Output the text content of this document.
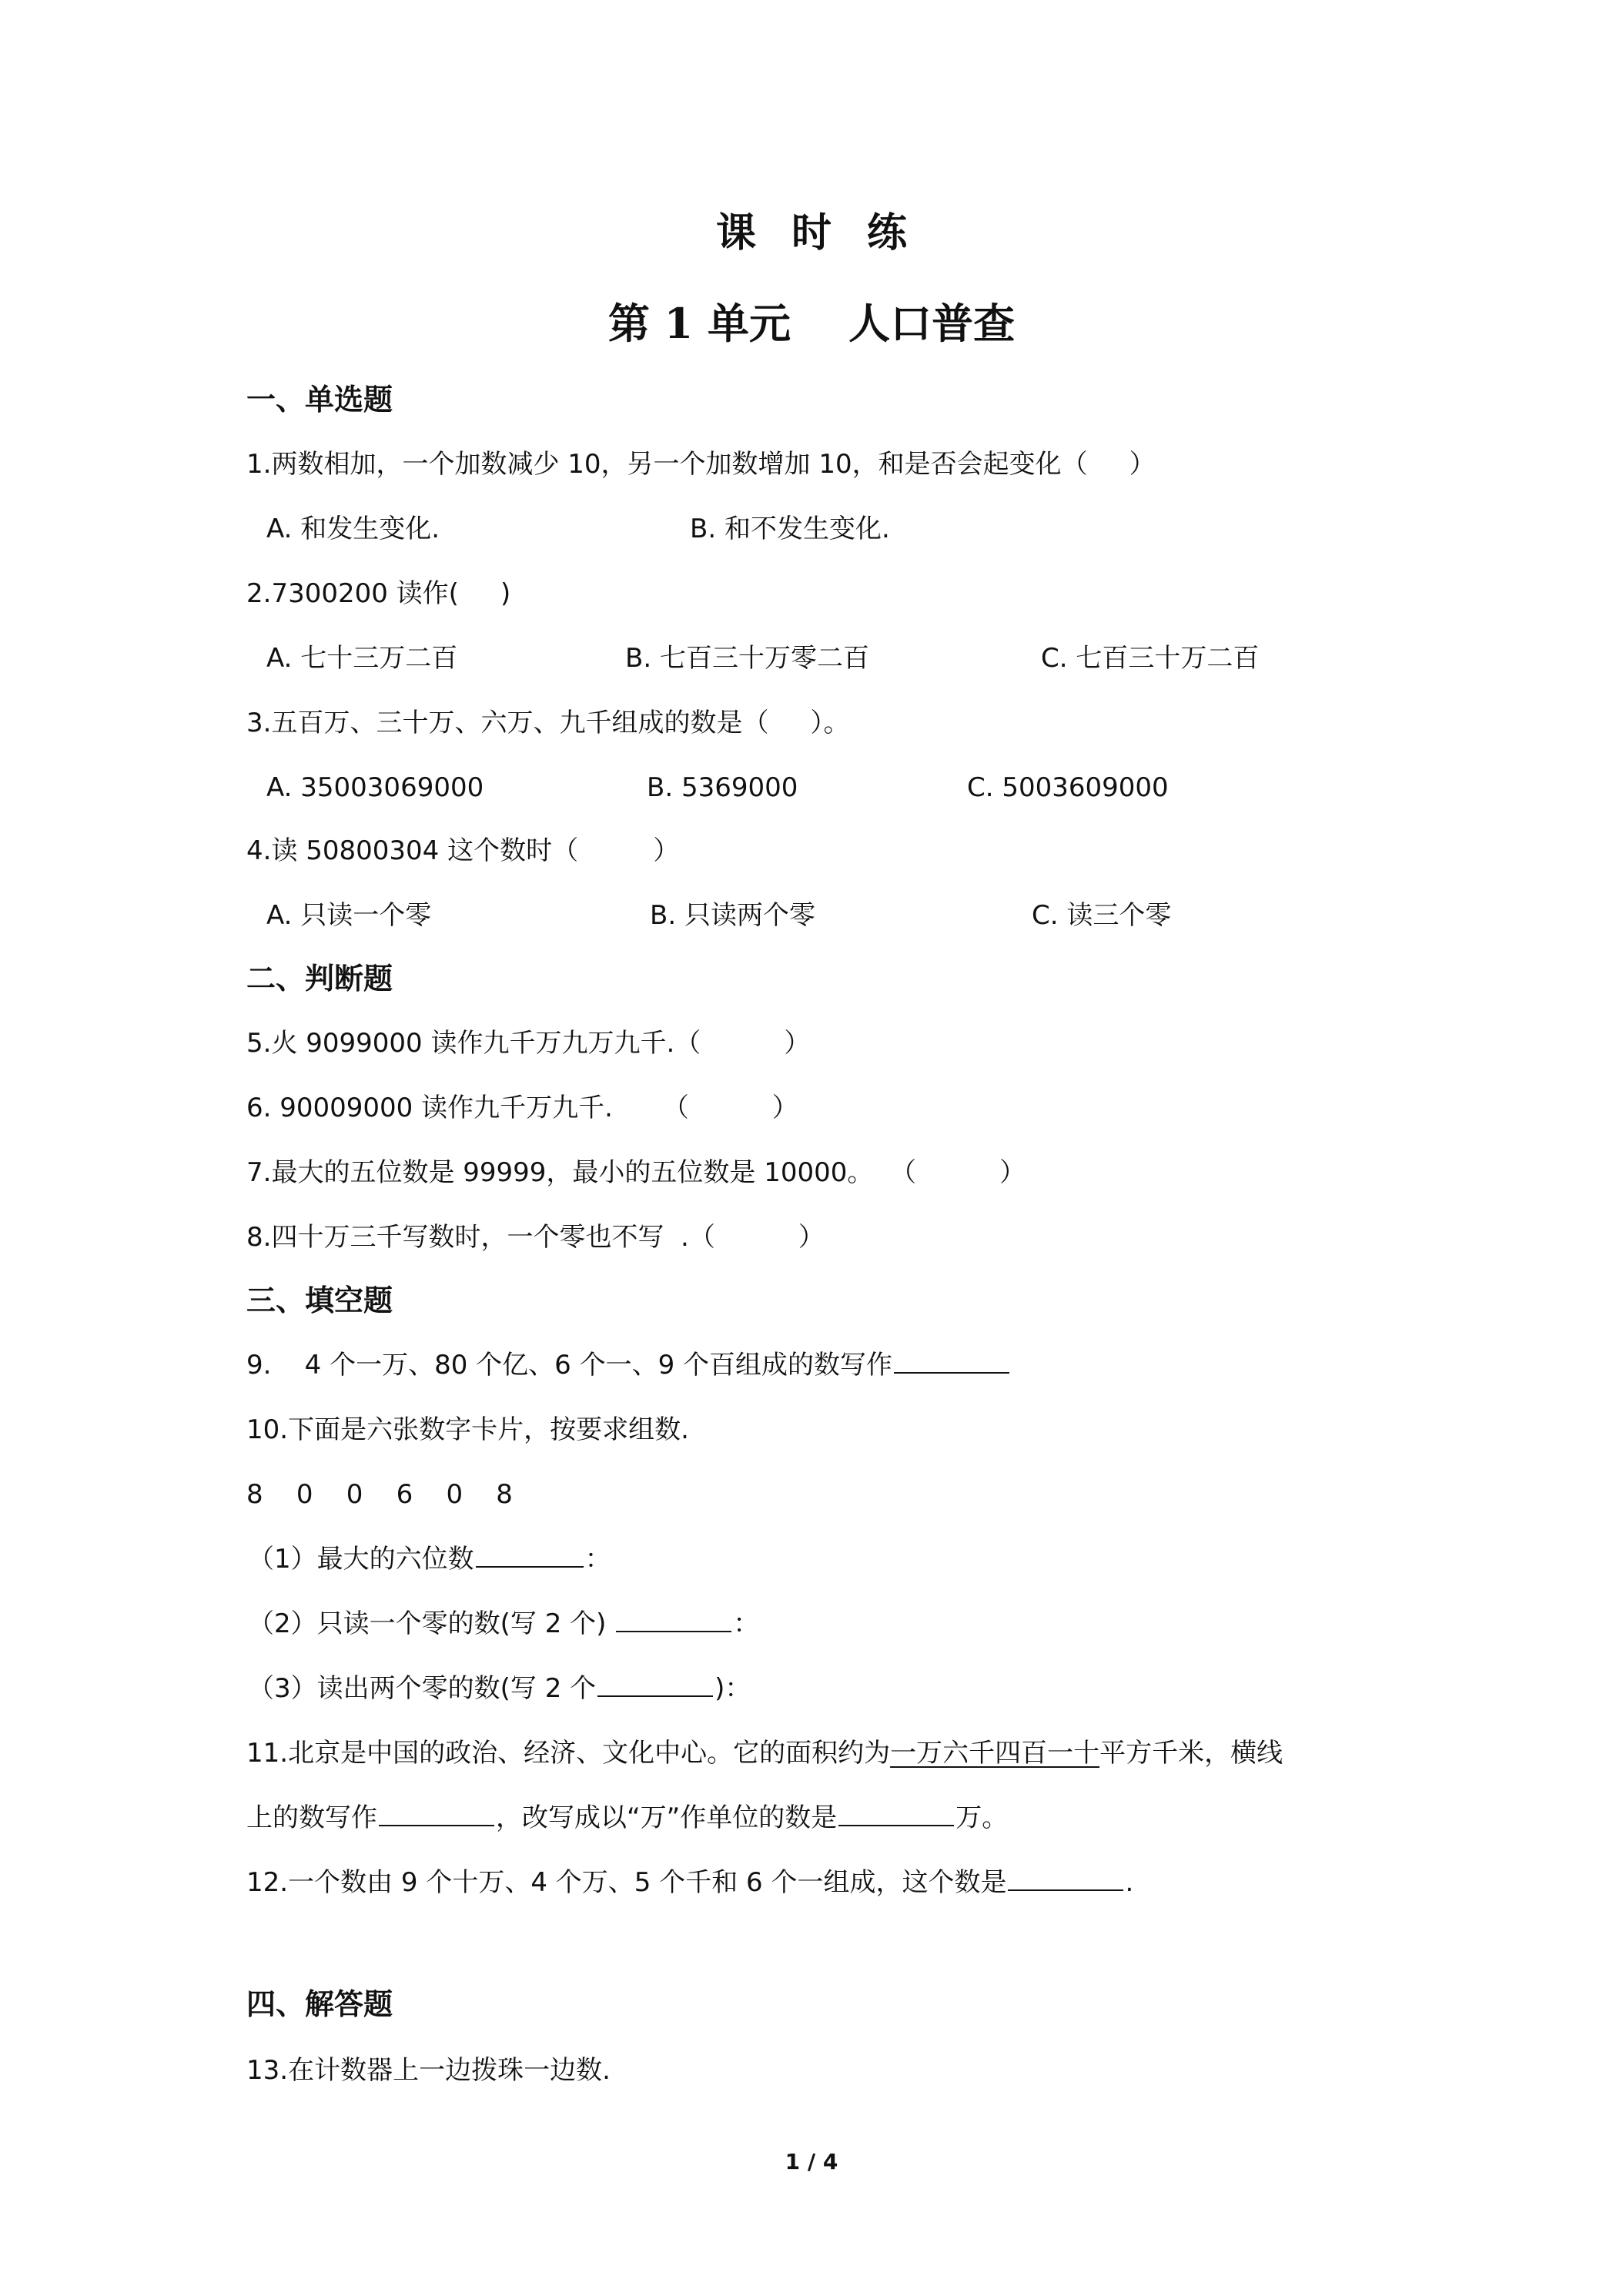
课时练
第 1 单元    人口普查
一、单选题
1.两数相加，一个加数减少 10，另一个加数增加 10，和是否会起变化（     ）
A. 和发生变化.	B. 和不发生变化.
2.7300200 读作(     )
A. 七十三万二百	B. 七百三十万零二百	C. 七百三十万二百
3.五百万、三十万、六万、九千组成的数是（     ）。
A. 35003069000	B. 5369000	C. 5003609000
4.读 50800304 这个数时（         ）
A. 只读一个零	B. 只读两个零	C. 读三个零
二、判断题
5.火 9099000 读作九千万九万九千.（          ）
6. 90009000 读作九千万九千.      （          ）
7.最大的五位数是 99999，最小的五位数是 10000。  （          ）
8.四十万三千写数时，一个零也不写  .（          ）
三、填空题
9.    4 个一万、80 个亿、6 个一、9 个百组成的数写作
10.下面是六张数字卡片，按要求组数.
8    0    0    6    0    8
（1）最大的六位数	：
（2）只读一个零的数(写 2 个)	：
（3）读出两个零的数(写 2 个	)：
11.北京是中国的政治、经济、文化中心。它的面积约为一万六千四百一十平方千米，横线
上的数写作	，改写成以“万”作单位的数是	万。
12.一个数由 9 个十万、4 个万、5 个千和 6 个一组成，这个数是	.
四、解答题
13.在计数器上一边拨珠一边数.
1 / 4
